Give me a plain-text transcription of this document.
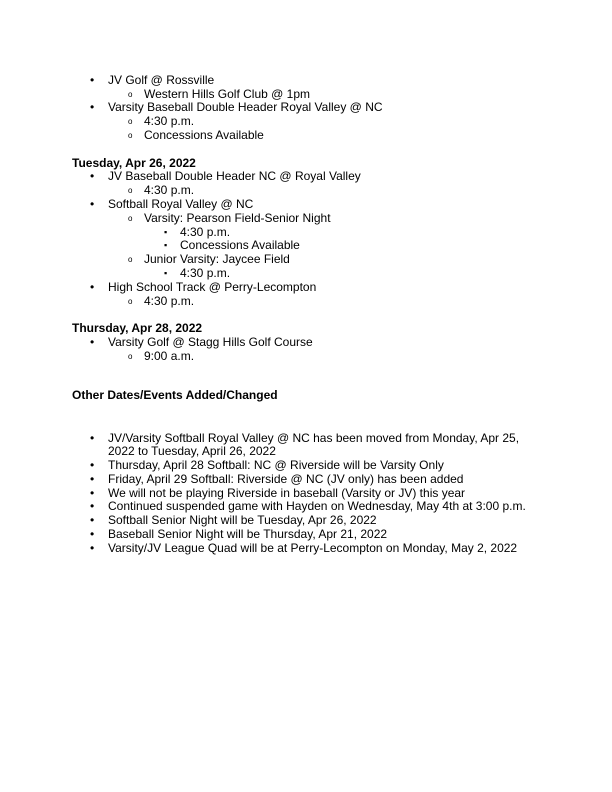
• JV Golf @ Rossville
o Western Hills Golf Club @ 1pm
• Varsity Baseball Double Header Royal Valley @ NC
o 4:30 p.m.
o Concessions Available
Tuesday, Apr 26, 2022
• JV Baseball Double Header NC @ Royal Valley
o 4:30 p.m.
• Softball Royal Valley @ NC
o Varsity: Pearson Field-Senior Night
▪ 4:30 p.m.
▪ Concessions Available
o Junior Varsity: Jaycee Field
▪ 4:30 p.m.
• High School Track @ Perry-Lecompton
o 4:30 p.m.
Thursday, Apr 28, 2022
• Varsity Golf @ Stagg Hills Golf Course
o 9:00 a.m.
Other Dates/Events Added/Changed
• JV/Varsity Softball Royal Valley @ NC has been moved from Monday, Apr 25,
2022 to Tuesday, April 26, 2022
• Thursday, April 28 Softball: NC @ Riverside will be Varsity Only
• Friday, April 29 Softball: Riverside @ NC (JV only) has been added
• We will not be playing Riverside in baseball (Varsity or JV) this year
• Continued suspended game with Hayden on Wednesday, May 4th at 3:00 p.m.
• Softball Senior Night will be Tuesday, Apr 26, 2022
• Baseball Senior Night will be Thursday, Apr 21, 2022
• Varsity/JV League Quad will be at Perry-Lecompton on Monday, May 2, 2022
